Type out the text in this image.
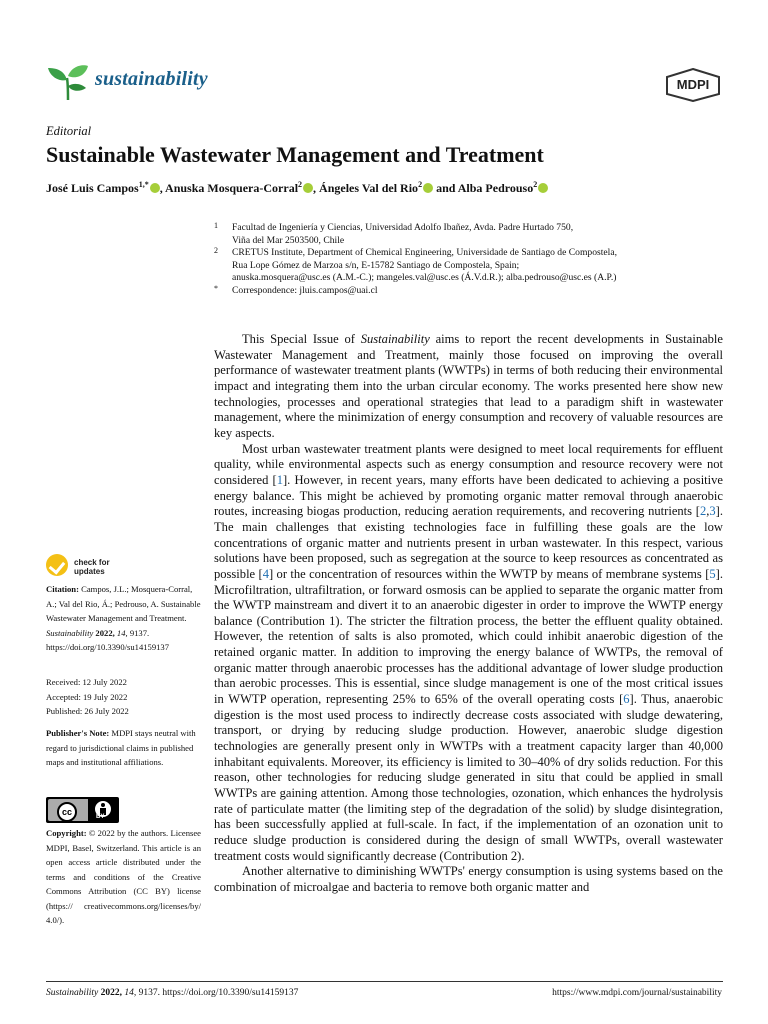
sustainability	MDPI
Editorial
Sustainable Wastewater Management and Treatment
José Luis Campos$^{1,*}$ , Anuska Mosquera-Corral$^2$ , Ángeles Val del Rio$^2$ and Alba Pedrouso$^2$
1 Facultad de Ingeniería y Ciencias, Universidad Adolfo Ibañez, Avda. Padre Hurtado 750,
Viña del Mar 2503500, Chile
2 CRETUS Institute, Department of Chemical Engineering, Universidade de Santiago de Compostela,
Rua Lope Gómez de Marzoa s/n, E-15782 Santiago de Compostela, Spain;
anuska.mosquera@usc.es (A.M.-C.); mangeles.val@usc.es (Á.V.d.R.); alba.pedrouso@usc.es (A.P.)
* Correspondence: jluis.campos@uai.cl
check for
updates
Citation: Campos, J.L.; Mosquera-Corral, A.; Val del Rio, Á.; Pedrouso, A. Sustainable Wastewater Management and Treatment. Sustainability 2022, 14, 9137. https://doi.org/10.3390/su14159137
Received: 12 July 2022
Accepted: 19 July 2022
Published: 26 July 2022
Publisher's Note: MDPI stays neutral with regard to jurisdictional claims in published maps and institutional affiliations.
cc	BY
Copyright: © 2022 by the authors. Licensee MDPI, Basel, Switzerland. This article is an open access article distributed under the terms and conditions of the Creative Commons Attribution (CC BY) license (https:// creativecommons.org/licenses/by/ 4.0/).

This Special Issue of Sustainability aims to report the recent developments in Sustainable Wastewater Management and Treatment, mainly those focused on improving the overall performance of wastewater treatment plants (WWTPs) in terms of both reducing their environmental impact and integrating them into the urban circular economy. The works presented here show new technologies, processes and operational strategies that lead to a paradigm shift in wastewater management, where the minimization of energy consumption and recovery of valuable resources are key aspects.

Most urban wastewater treatment plants were designed to meet local requirements for effluent quality, while environmental aspects such as energy consumption and resource recovery were not considered [1]. However, in recent years, many efforts have been dedicated to achieving a positive energy balance. This might be achieved by promoting organic matter removal through anaerobic routes, increasing biogas production, reducing aeration requirements, and recovering nutrients [2,3]. The main challenges that existing technologies face in fulfilling these goals are the low concentrations of organic matter and nutrients present in urban wastewater. In this respect, various solutions have been proposed, such as segregation at the source to keep resources as concentrated as possible [4] or the concentration of resources within the WWTP by means of membrane systems [5]. Microfiltration, ultrafiltration, or forward osmosis can be applied to separate the organic matter from the WWTP mainstream and divert it to an anaerobic digester in order to improve the WWTP energy balance (Contribution 1). The stricter the filtration process, the better the effluent quality obtained. However, the retention of salts is also promoted, which could inhibit anaerobic digestion of the retained organic matter. In addition to improving the energy balance of WWTPs, the removal of organic matter through anaerobic processes has the additional advantage of lower sludge production than aerobic processes. This is essential, since sludge management is one of the most critical issues in WWTP operation, representing 25% to 65% of the overall operating costs [6]. Thus, anaerobic digestion is the most used process to indirectly decrease costs associated with sludge dewatering, transport, or drying by reducing sludge production. However, anaerobic sludge digestion technologies are generally present only in WWTPs with a treatment capacity larger than 40,000 inhabitant equivalents. Moreover, its efficiency is limited to 30–40% of dry solids reduction. For this reason, other technologies for reducing sludge generated in situ that could be applied in small WWTPs are gaining attention. Among those technologies, ozonation, which enhances the hydrolysis rate of particulate matter (the limiting step of the degradation of the solid) by sludge disintegration, has been successfully applied at full-scale. In fact, if the implementation of an ozonation unit to reduce sludge production is considered during the design of small WWTPs, overall wastewater treatment costs would significantly decrease (Contribution 2).

Another alternative to diminishing WWTPs' energy consumption is using systems based on the combination of microalgae and bacteria to remove both organic matter and

Sustainability 2022, 14, 9137. https://doi.org/10.3390/su14159137	https://www.mdpi.com/journal/sustainability
